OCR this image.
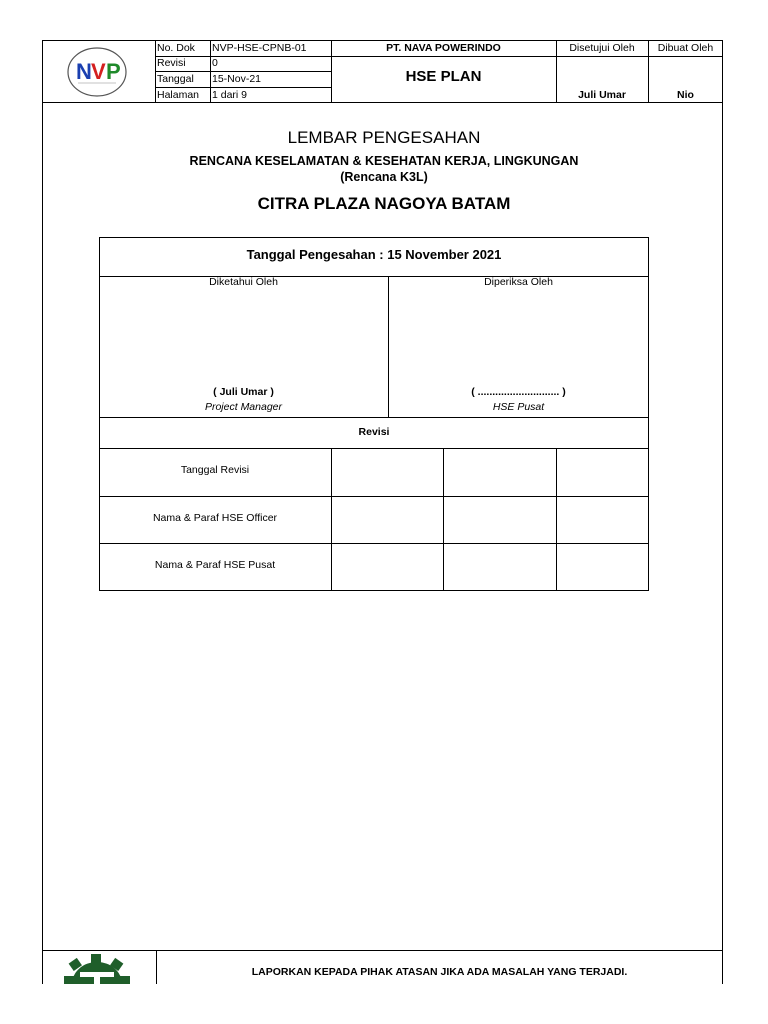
N V P
No. Dok NVP-HSE-CPNB-01
Revisi	0
Tanggal 15-Nov-21
Halaman 1 dari 9
PT. NAVA POWERINDO
HSE PLAN
Disetujui Oleh
Juli Umar
Dibuat Oleh
Nio
LEMBAR PENGESAHAN
RENCANA KESELAMATAN & KESEHATAN KERJA, LINGKUNGAN
(Rencana K3L)
CITRA PLAZA NAGOYA BATAM
Tanggal Pengesahan : 15 November 2021
Diketahui Oleh
( Juli Umar )
Project Manager
Diperiksa Oleh
( ............................ )
HSE Pusat
Revisi
Tanggal Revisi
Nama & Paraf HSE Officer
Nama & Paraf HSE Pusat
LAPORKAN KEPADA PIHAK ATASAN JIKA ADA MASALAH YANG TERJADI.
